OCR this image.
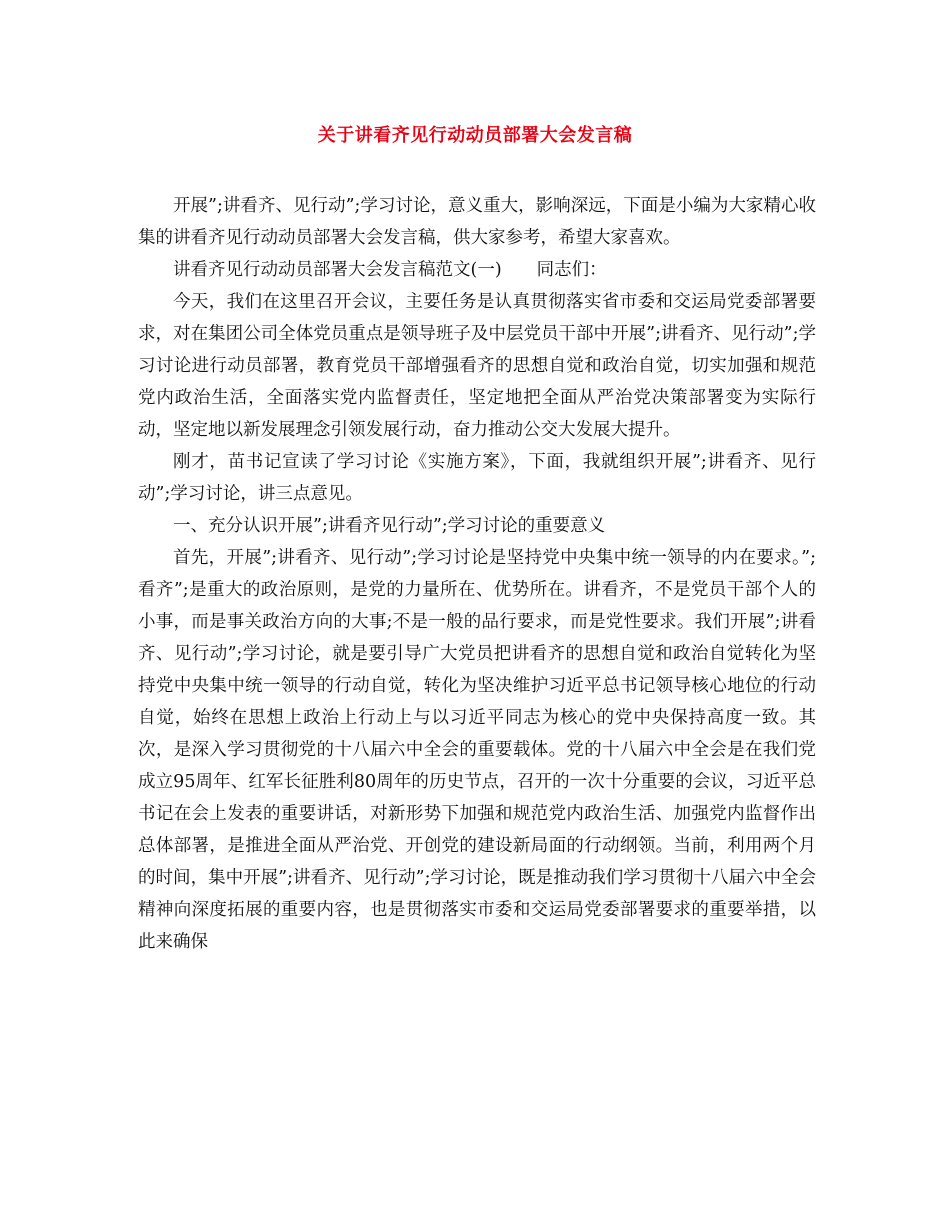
关于讲看齐见行动动员部署大会发言稿

开展”;讲看齐、见行动”;学习讨论，意义重大，影响深远，下面是小编为大家精心收集的讲看齐见行动动员部署大会发言稿，供大家参考，希望大家喜欢。

讲看齐见行动动员部署大会发言稿范文(一)　　同志们：

今天，我们在这里召开会议，主要任务是认真贯彻落实省市委和交运局党委部署要求，对在集团公司全体党员重点是领导班子及中层党员干部中开展”;讲看齐、见行动”;学习讨论进行动员部署，教育党员干部增强看齐的思想自觉和政治自觉，切实加强和规范党内政治生活，全面落实党内监督责任，坚定地把全面从严治党决策部署变为实际行动，坚定地以新发展理念引领发展行动，奋力推动公交大发展大提升。

刚才，苗书记宣读了学习讨论《实施方案》，下面，我就组织开展”;讲看齐、见行动”;学习讨论，讲三点意见。

一、充分认识开展”;讲看齐见行动”;学习讨论的重要意义

首先，开展”;讲看齐、见行动”;学习讨论是坚持党中央集中统一领导的内在要求。”;看齐”;是重大的政治原则，是党的力量所在、优势所在。讲看齐，不是党员干部个人的小事，而是事关政治方向的大事;不是一般的品行要求，而是党性要求。我们开展”;讲看齐、见行动”;学习讨论，就是要引导广大党员把讲看齐的思想自觉和政治自觉转化为坚持党中央集中统一领导的行动自觉，转化为坚决维护习近平总书记领导核心地位的行动自觉，始终在思想上政治上行动上与以习近平同志为核心的党中央保持高度一致。其次，是深入学习贯彻党的十八届六中全会的重要载体。党的十八届六中全会是在我们党成立95周年、红军长征胜利80周年的历史节点，召开的一次十分重要的会议，习近平总书记在会上发表的重要讲话，对新形势下加强和规范党内政治生活、加强党内监督作出总体部署，是推进全面从严治党、开创党的建设新局面的行动纲领。当前，利用两个月的时间，集中开展”;讲看齐、见行动”;学习讨论，既是推动我们学习贯彻十八届六中全会精神向深度拓展的重要内容，也是贯彻落实市委和交运局党委部署要求的重要举措，以此来确保
